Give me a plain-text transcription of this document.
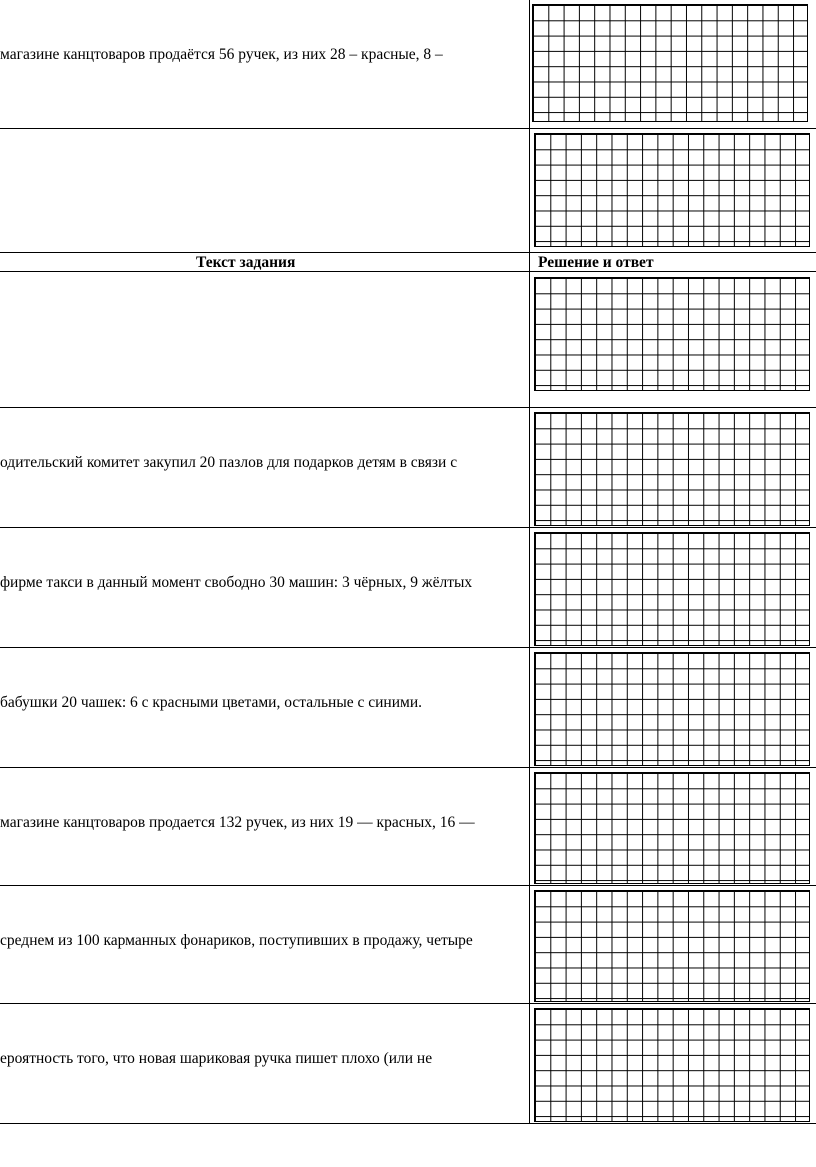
магазине канцтоваров продаётся 56 ручек, из них 28 – красные, 8 –

Текст задания	Решение и ответ

одительский комитет закупил 20 пазлов для подарков детям в связи с

фирме такси в данный момент свободно 30 машин: 3 чёрных, 9 жёлтых

бабушки 20 чашек: 6 с красными цветами, остальные с синими.

магазине канцтоваров продается 132 ручек, из них 19 — красных, 16 —

среднем из 100 карманных фонариков, поступивших в продажу, четыре

ероятность того, что новая шариковая ручка пишет плохо (или не
